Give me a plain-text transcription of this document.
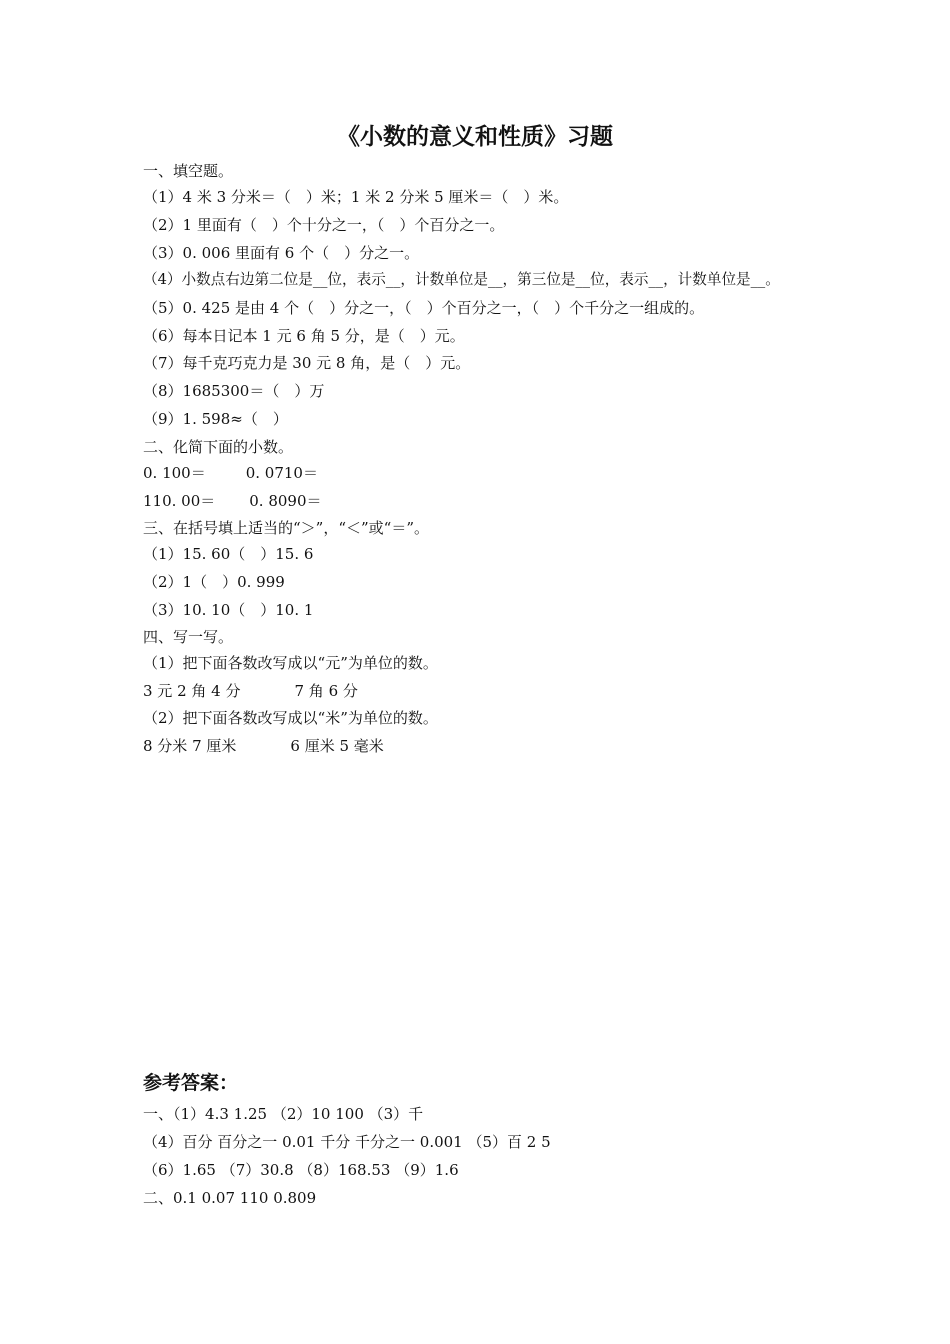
《小数的意义和性质》习题
一、填空题。
（1）4 米 3 分米＝（　）米；1 米 2 分米 5 厘米＝（　）米。
（2）1 里面有（　）个十分之一，（　）个百分之一。
（3）0. 006 里面有 6 个（　）分之一。
（4）小数点右边第二位是__位，表示__，计数单位是__，第三位是__位，表示__，计数单位是__。
（5）0. 425 是由 4 个（　）分之一，（　）个百分之一，（　）个千分之一组成的。
（6）每本日记本 1 元 6 角 5 分，是（　）元。
（7）每千克巧克力是 30 元 8 角，是（　）元。
（8）1685300＝（　）万
（9）1. 598≈（　）
二、化简下面的小数。
0. 100＝	0. 0710＝
110. 00＝ 0. 8090＝
三、在括号填上适当的“＞”，“＜”或“＝”。
（1）15. 60（　）15. 6
（2）1（　）0. 999
（3）10. 10（　）10. 1
四、写一写。
（1）把下面各数改写成以“元”为单位的数。
3 元 2 角 4 分	7 角 6 分
（2）把下面各数改写成以“米”为单位的数。
8 分米 7 厘米	6 厘米 5 毫米
参考答案：
一、（1）4.3 1.25 （2）10 100 （3）千
（4）百分 百分之一 0.01 千分 千分之一 0.001 （5）百 2 5
（6）1.65 （7）30.8 （8）168.53 （9）1.6
二、0.1 0.07 110 0.809
